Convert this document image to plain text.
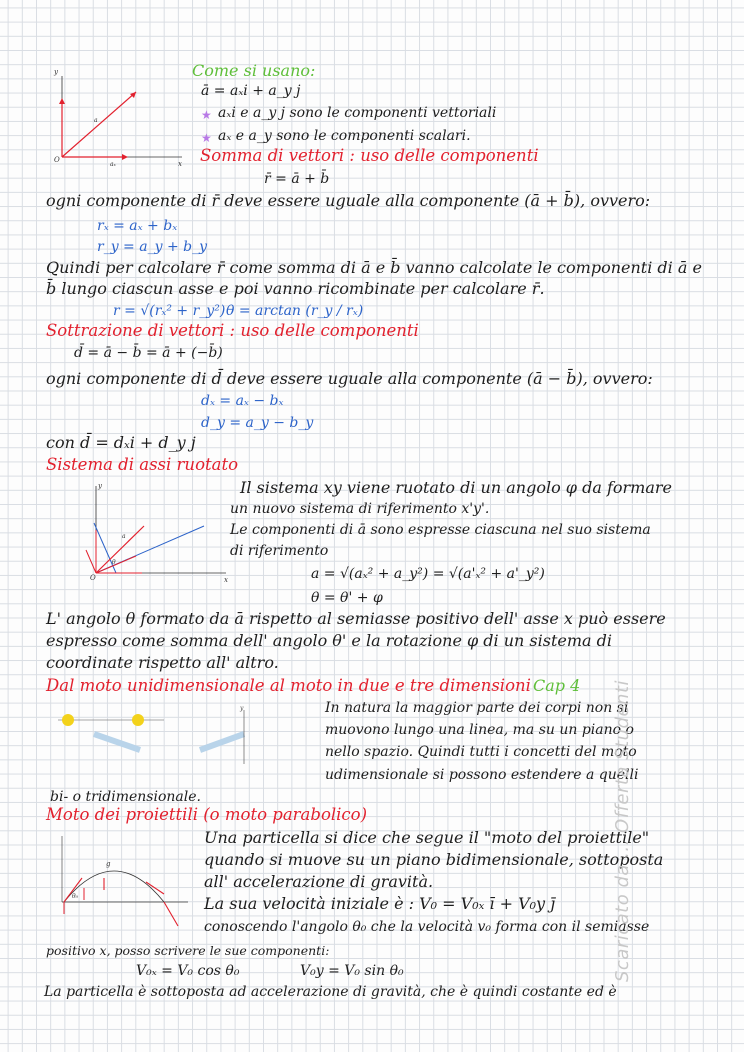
y
O	x
a
aₓ
Come si usano:
ā = aₓi + a_y j
★ aₓi e a_y j sono le componenti vettoriali
★ aₓ e a_y sono le componenti scalari.
Somma di vettori : uso delle componenti
r̄ = ā + b̄
ogni componente di r̄ deve essere uguale alla componente (ā + b̄), ovvero:
rₓ = aₓ + bₓ
r_y = a_y + b_y
Quindi per calcolare r̄ come somma di ā e b̄ vanno calcolate le componenti di ā e
b̄ lungo ciascun asse e poi vanno ricombinate per calcolare r̄.
r = √(rₓ² + r_y²) θ = arctan (r_y / rₓ)
Sottrazione di vettori : uso delle componenti
d̄ = ā − b̄ = ā + (−b̄)
ogni componente di d̄ deve essere uguale alla componente (ā − b̄), ovvero:
dₓ = aₓ − bₓ
d_y = a_y − b_y
con d̄ = dₓi + d_y j
Sistema di assi ruotato
y
x
O
a
θ
Il sistema xy viene ruotato di un angolo φ da formare
un nuovo sistema di riferimento x'y'.
Le componenti di ā sono espresse ciascuna nel suo sistema
di riferimento
a = √(aₓ² + a_y²) = √(a'ₓ² + a'_y²)
θ = θ' + φ
L' angolo θ formato da ā rispetto al semiasse positivo dell' asse x può essere
espresso come somma dell' angolo θ' e la rotazione φ di un sistema di
coordinate rispetto all' altro.
Dal moto unidimensionale al moto in due e tre dimensioni Cap 4
y	In natura la maggior parte dei corpi non si
muovono lungo una linea, ma su un piano o
nello spazio. Quindi tutti i concetti del moto
udimensionale si possono estendere a quelli
bi- o tridimensionale.
Moto dei proiettili (o moto parabolico)
g
θ₀
Una particella si dice che segue il "moto del proiettile"
quando si muove su un piano bidimensionale, sottoposta
all' accelerazione di gravità.
La sua velocità iniziale è : V₀ = V₀ₓ ī + V₀y j̄
conoscendo l'angolo θ₀ che la velocità v₀ forma con il semiasse
positivo x, posso scrivere le sue componenti:
V₀ₓ = V₀ cos θ₀	V₀y = V₀ sin θ₀
La particella è sottoposta ad accelerazione di gravità, che è quindi costante ed è
Scaricato da ... Offerta Studenti
